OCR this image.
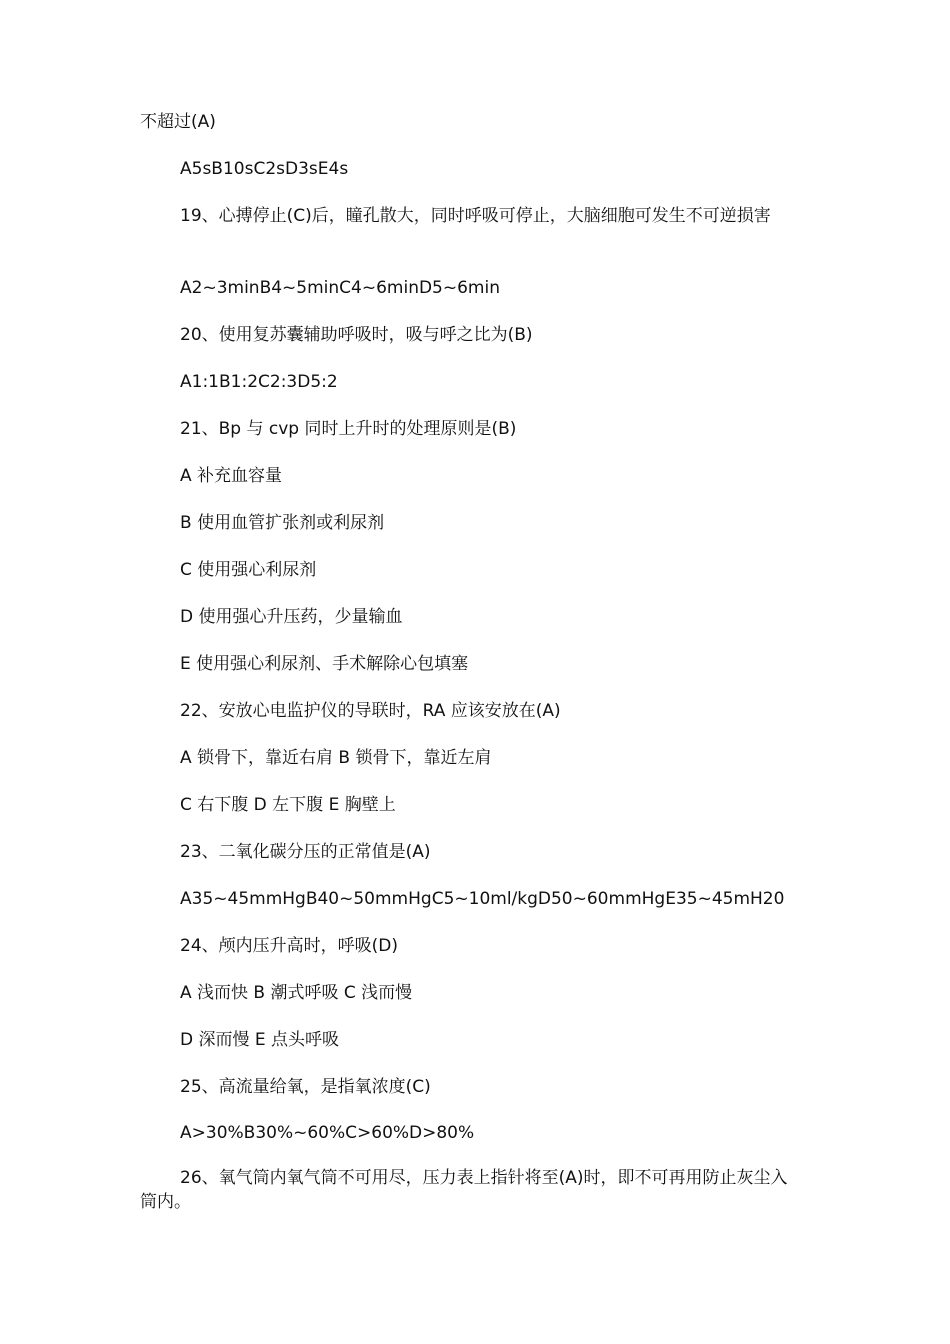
不超过(A)
A5sB10sC2sD3sE4s
19、心搏停止(C)后，瞳孔散大，同时呼吸可停止，大脑细胞可发生不可逆损害
A2~3minB4~5minC4~6minD5~6min
20、使用复苏囊辅助呼吸时，吸与呼之比为(B)
A1:1B1:2C2:3D5:2
21、Bp 与 cvp 同时上升时的处理原则是(B)
A 补充血容量
B 使用血管扩张剂或利尿剂
C 使用强心利尿剂
D 使用强心升压药，少量输血
E 使用强心利尿剂、手术解除心包填塞
22、安放心电监护仪的导联时，RA 应该安放在(A)
A 锁骨下，靠近右肩 B 锁骨下，靠近左肩
C 右下腹 D 左下腹 E 胸壁上
23、二氧化碳分压的正常值是(A)
A35~45mmHgB40~50mmHgC5~10ml/kgD50~60mmHgE35~45mH20
24、颅内压升高时，呼吸(D)
A 浅而快 B 潮式呼吸 C 浅而慢
D 深而慢 E 点头呼吸
25、高流量给氧，是指氧浓度(C)
A>30%B30%~60%C>60%D>80%
26、氧气筒内氧气筒不可用尽，压力表上指针将至(A)时，即不可再用防止灰尘入筒内。
